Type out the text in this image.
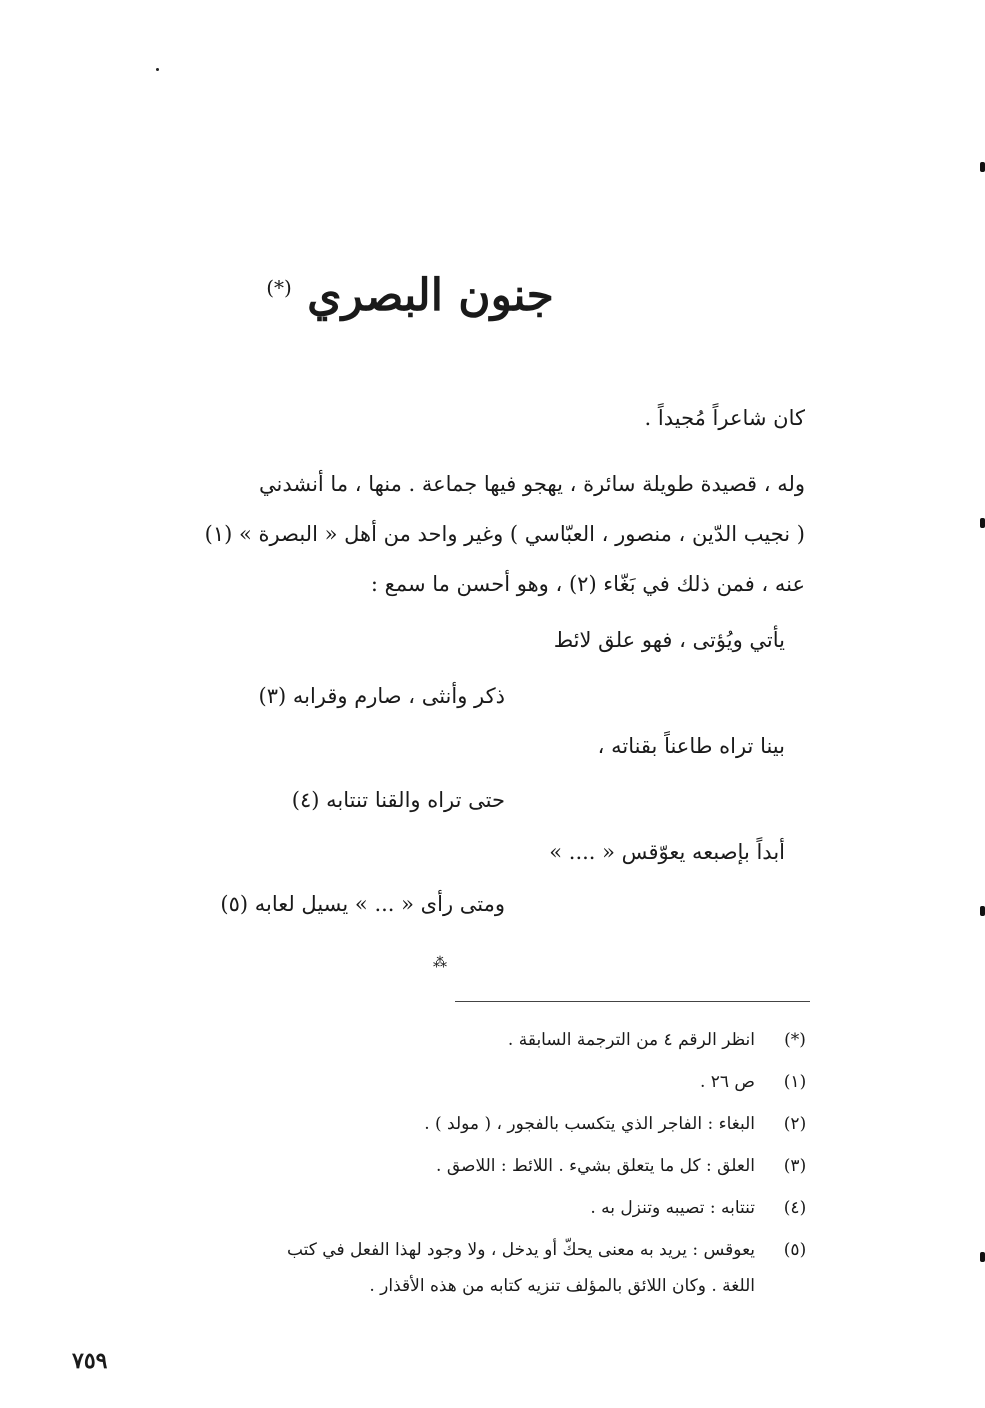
جنون البصري (*)
كان شاعراً مُجيداً .
وله ، قصيدة طويلة سائرة ، يهجو فيها جماعة . منها ، ما أنشدني
( نجيب الدّين ، منصور ، العبّاسي ) وغير واحد من أهل « البصرة » (١)
عنه ، فمن ذلك في بَغّاء (٢) ، وهو أحسن ما سمع :
يأتي ويُؤتى ، فهو علق لائط
ذكر وأنثى ، صارم وقرابه (٣)
بينا تراه طاعناً بقناته ،
حتى تراه والقنا تنتابه (٤)
أبداً بإصبعه يعوّقس « .... »
ومتى رأى « ... » يسيل لعابه (٥)
⁂
(*)
انظر الرقم ٤ من الترجمة السابقة .
(١)
ص ٢٦ .
(٢)
البغاء : الفاجر الذي يتكسب بالفجور ، ( مولد ) .
(٣)
العلق : كل ما يتعلق بشيء . اللائط : اللاصق .
(٤)
تنتابه : تصيبه وتنزل به .
(٥)
يعوقس : يريد به معنى يحكّ أو يدخل ، ولا وجود لهذا الفعل في كتب
اللغة . وكان اللائق بالمؤلف تنزيه كتابه من هذه الأقذار .
٧٥٩
